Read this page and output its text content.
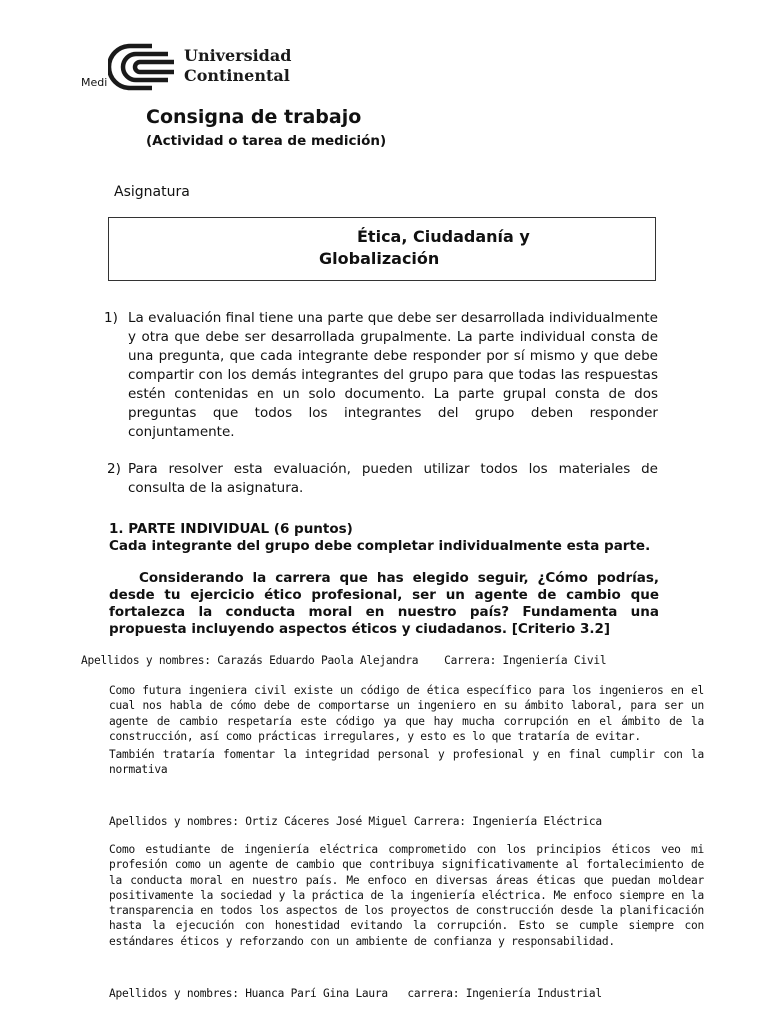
Universidad
Continental
Medi
Consigna de trabajo
(Actividad o tarea de medición)
Asignatura
Ética, Ciudadanía y
Globalización
1) La evaluación final tiene una parte que debe ser desarrollada individualmente y otra que debe ser desarrollada grupalmente. La parte individual consta de una pregunta, que cada integrante debe responder por sí mismo y que debe compartir con los demás integrantes del grupo para que todas las respuestas estén contenidas en un solo documento. La parte grupal consta de dos preguntas que todos los integrantes del grupo deben responder conjuntamente.
2) Para resolver esta evaluación, pueden utilizar todos los materiales de consulta de la asignatura.
1. PARTE INDIVIDUAL (6 puntos)
Cada integrante del grupo debe completar individualmente esta parte.
Considerando la carrera que has elegido seguir, ¿Cómo podrías, desde tu ejercicio ético profesional, ser un agente de cambio que fortalezca la conducta moral en nuestro país? Fundamenta una propuesta incluyendo aspectos éticos y ciudadanos. [Criterio 3.2]
Apellidos y nombres: Carazás Eduardo Paola Alejandra    Carrera: Ingeniería Civil
Como futura ingeniera civil existe un código de ética específico para los ingenieros en el cual nos habla de cómo debe de comportarse un ingeniero en su ámbito laboral, para ser un agente de cambio respetaría este código ya que hay mucha corrupción en el ámbito de la construcción, así como prácticas irregulares, y esto es lo que trataría de evitar.
También trataría fomentar la integridad personal y profesional y en final cumplir con la normativa
Apellidos y nombres: Ortiz Cáceres José Miguel Carrera: Ingeniería Eléctrica
Como estudiante de ingeniería eléctrica comprometido con los principios éticos veo mi profesión como un agente de cambio que contribuya significativamente al fortalecimiento de la conducta moral en nuestro país. Me enfoco en diversas áreas éticas que puedan moldear positivamente la sociedad y la práctica de la ingeniería eléctrica. Me enfoco siempre en la transparencia en todos los aspectos de los proyectos de construcción desde la planificación hasta la ejecución con honestidad evitando la corrupción. Esto se cumple siempre con estándares éticos y reforzando con un ambiente de confianza y responsabilidad.
Apellidos y nombres: Huanca Parí Gina Laura   carrera: Ingeniería Industrial
